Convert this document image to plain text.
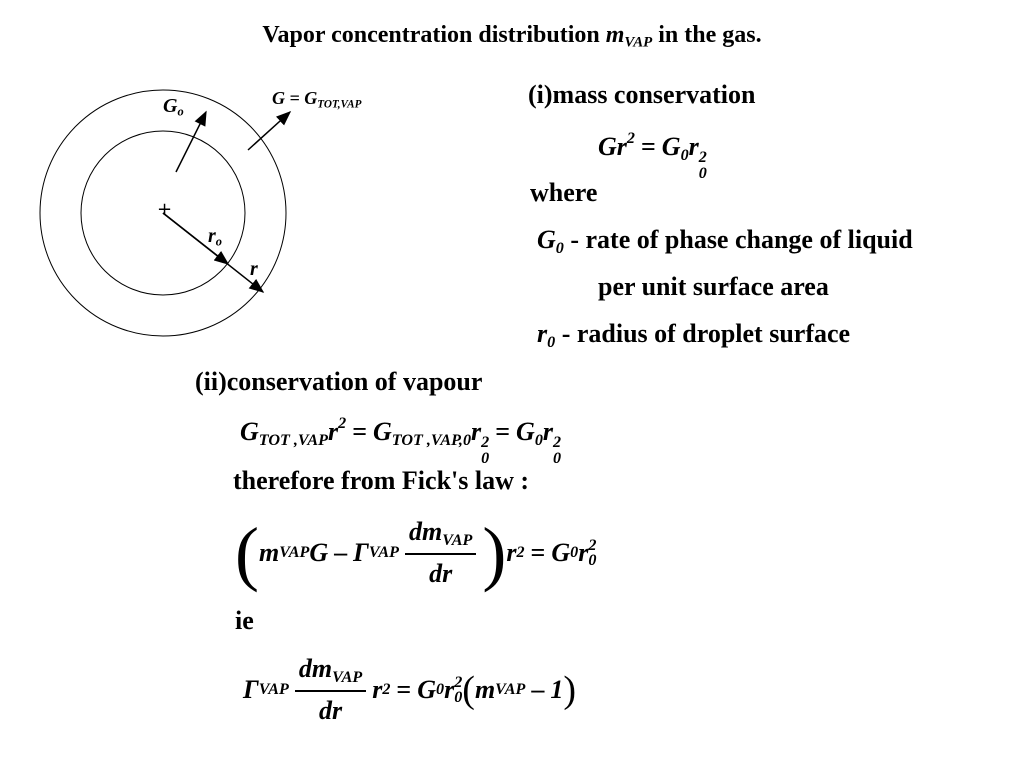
Vapor concentration distribution $m_{VAP}$ in the gas.
+
$G_o$
$G = G_{TOT,VAP}$
$r_o$
r
(i)mass conservation
$Gr^2 = G_0r$ 2
0
where
$G_0$ - rate of phase change of liquid
per unit surface area
$r_0$ - radius of droplet surface
(ii)conservation of vapour
$G_{TOT ,VAP}r^2 = G_{TOT ,VAP,0}r$ 2
0
= $G_0r$ 2
0
therefore from Fick's law :
( m VAP G – Γ VAP $\frac{dm_{VAP}}{dr}$ ) r 2 = G 0 r 2
0
ie
Γ VAP $\frac{dm_{VAP}}{dr}$ r 2 = G 0 r 2
0 ( m VAP – 1 )
